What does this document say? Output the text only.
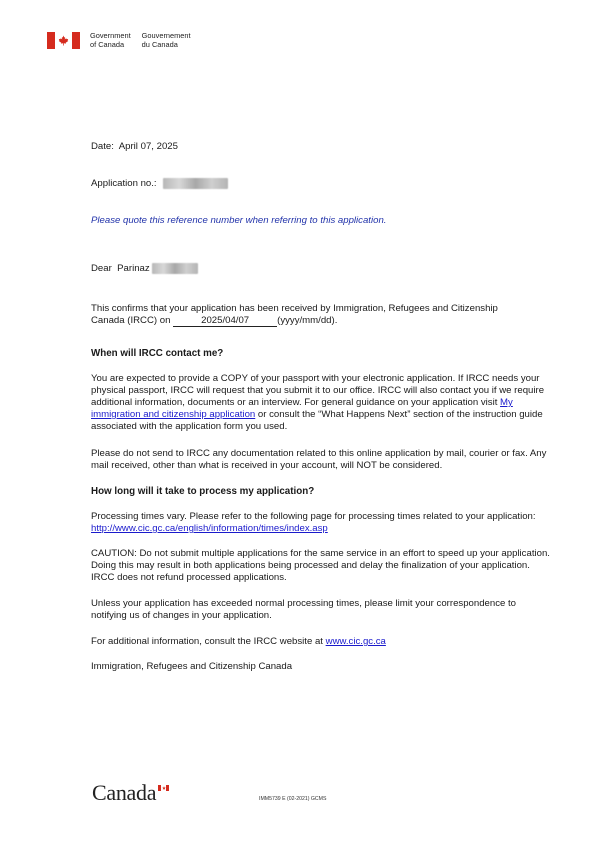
Government
of Canada
Gouvernement
du Canada
Date: April 07, 2025
Application no.:
Please quote this reference number when referring to this application.
Dear Parinaz

This confirms that your application has been received by Immigration, Refugees and Citizenship

Canada (IRCC) on	2025/04/07	(yyyy/mm/dd).

When will IRCC contact me?
You are expected to provide a COPY of your passport with your electronic application. If IRCC needs your physical passport, IRCC will request that you submit it to our office. IRCC will also contact you if we require additional information, documents or an interview. For general guidance on your application visit My immigration and citizenship application or consult the “What Happens Next” section of the instruction guide associated with the application form you used.
Please do not send to IRCC any documentation related to this online application by mail, courier or fax. Any mail received, other than what is received in your account, will NOT be considered.
How long will it take to process my application?
Processing times vary. Please refer to the following page for processing times related to your application: http://www.cic.gc.ca/english/information/times/index.asp
CAUTION: Do not submit multiple applications for the same service in an effort to speed up your application. Doing this may result in both applications being processed and delay the finalization of your application. IRCC does not refund processed applications.
Unless your application has exceeded normal processing times, please limit your correspondence to notifying us of changes in your application.
For additional information, consult the IRCC website at www.cic.gc.ca
Immigration, Refugees and Citizenship Canada
Canada	IMM5739 E (02-2021) GCMS
